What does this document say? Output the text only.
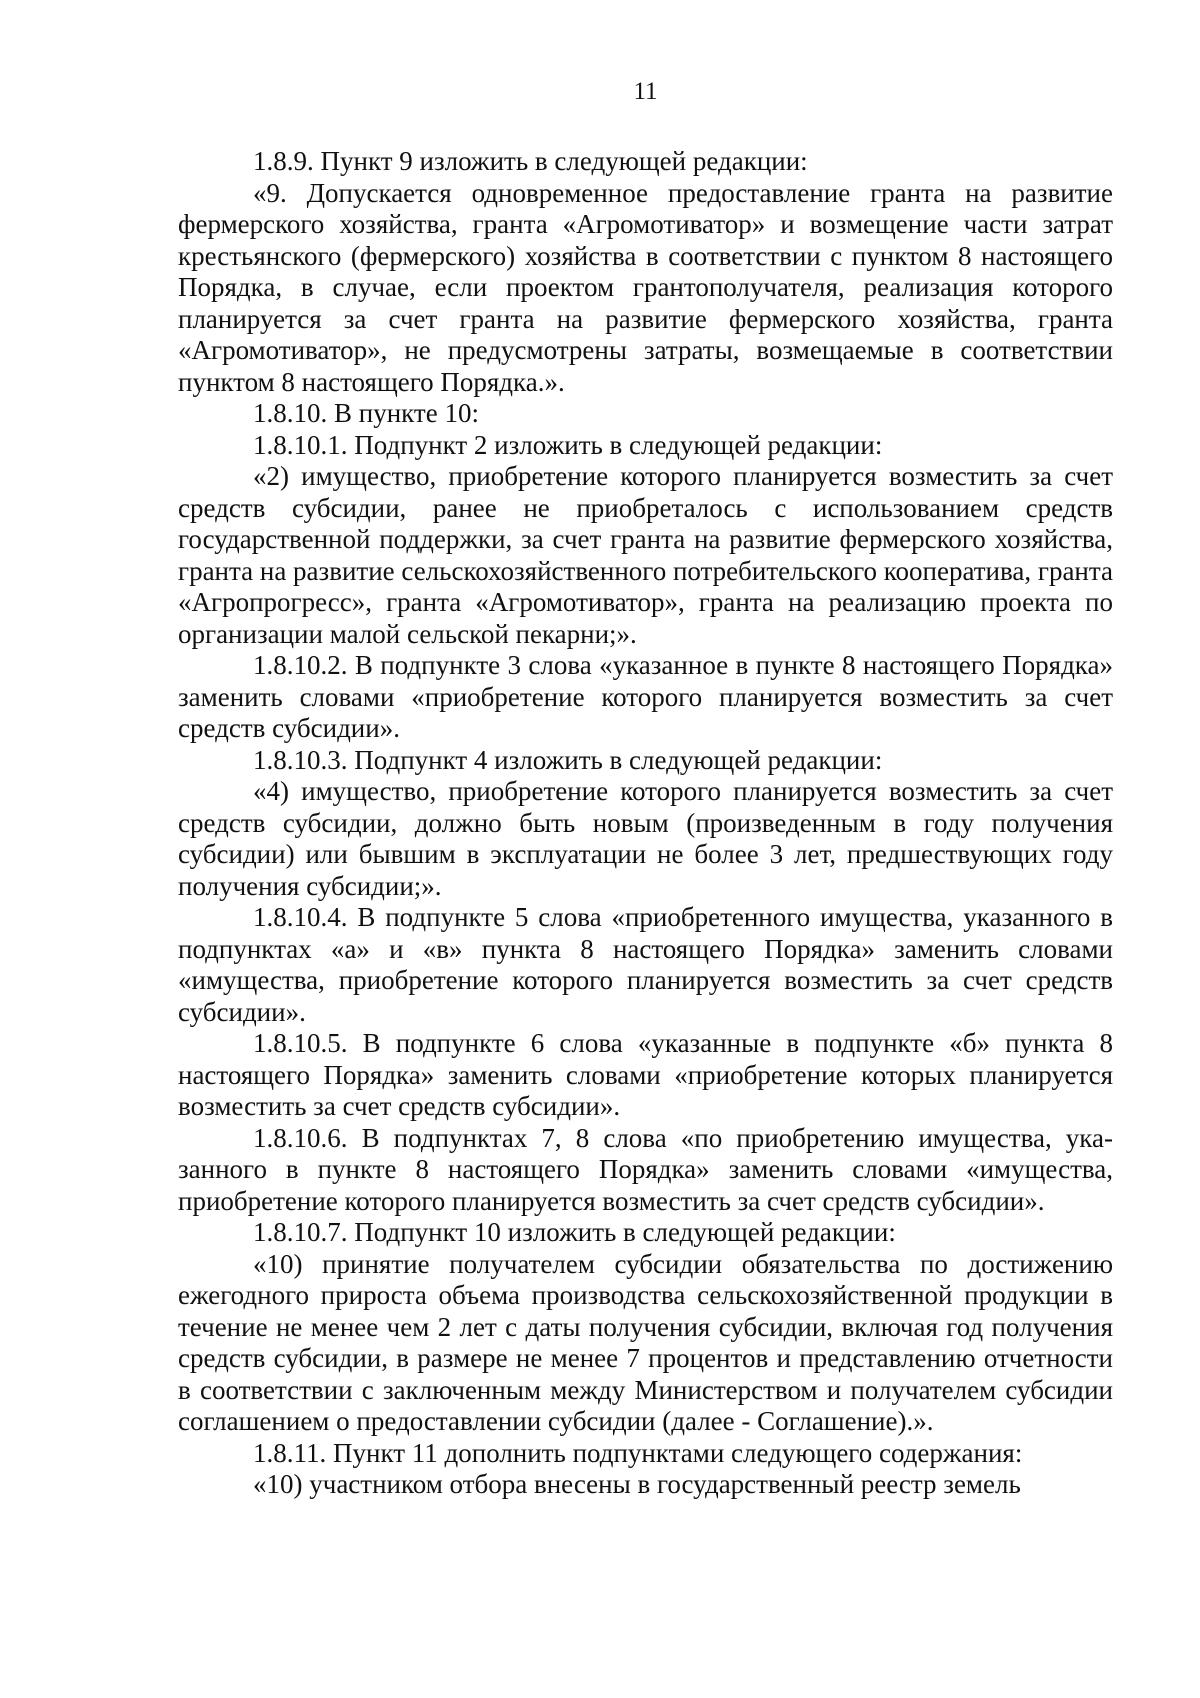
11

1.8.9. Пункт 9 изложить в следующей редакции:

«9. Допускается одновременное предоставление гранта на развитие фермерского хозяйства, гранта «Агромотиватор» и возмещение части затрат крестьянского (фермерского) хозяйства в соответствии с пунктом 8 настоящего Порядка, в случае, если проектом грантополучателя, реализация которого планируется за счет гранта на развитие фермерского хозяйства, гранта «Агромотиватор», не предусмотрены затраты, возмещаемые в соответствии пунктом 8 настоящего Порядка.».

1.8.10. В пункте 10:

1.8.10.1. Подпункт 2 изложить в следующей редакции:

«2) имущество, приобретение которого планируется возместить за счет средств субсидии, ранее не приобреталось с использованием средств государственной поддержки, за счет гранта на развитие фермерского хозяйства, гранта на развитие сельскохозяйственного потребительского кооператива, гранта «Агропрогресс», гранта «Агромотиватор», гранта на реализацию проекта по организации малой сельской пекарни;».

1.8.10.2. В подпункте 3 слова «указанное в пункте 8 настоящего Порядка» заменить словами «приобретение которого планируется возместить за счет средств субсидии».

1.8.10.3. Подпункт 4 изложить в следующей редакции:

«4) имущество, приобретение которого планируется возместить за счет средств субсидии, должно быть новым (произведенным в году получения субсидии) или бывшим в эксплуатации не более 3 лет, предшествующих году получения субсидии;».

1.8.10.4. В подпункте 5 слова «приобретенного имущества, указанного в подпунктах «а» и «в» пункта 8 настоящего Порядка» заменить словами «имущества, приобретение которого планируется возместить за счет средств субсидии».

1.8.10.5. В подпункте 6 слова «указанные в подпункте «б» пункта 8 настоящего Порядка» заменить словами «приобретение которых планируется возместить за счет средств субсидии».

1.8.10.6. В подпунктах 7, 8 слова «по приобретению имущества, указанного в пункте 8 настоящего Порядка» заменить словами «имущества, приобретение которого планируется возместить за счет средств субсидии».

1.8.10.7. Подпункт 10 изложить в следующей редакции:

«10) принятие получателем субсидии обязательства по достижению ежегодного прироста объема производства сельскохозяйственной продукции в течение не менее чем 2 лет с даты получения субсидии, включая год получения средств субсидии, в размере не менее 7 процентов и представлению отчетности в соответствии с заключенным между Министерством и получателем субсидии соглашением о предоставлении субсидии (далее - Соглашение).».

1.8.11. Пункт 11 дополнить подпунктами следующего содержания:

«10) участником отбора внесены в государственный реестр земель
